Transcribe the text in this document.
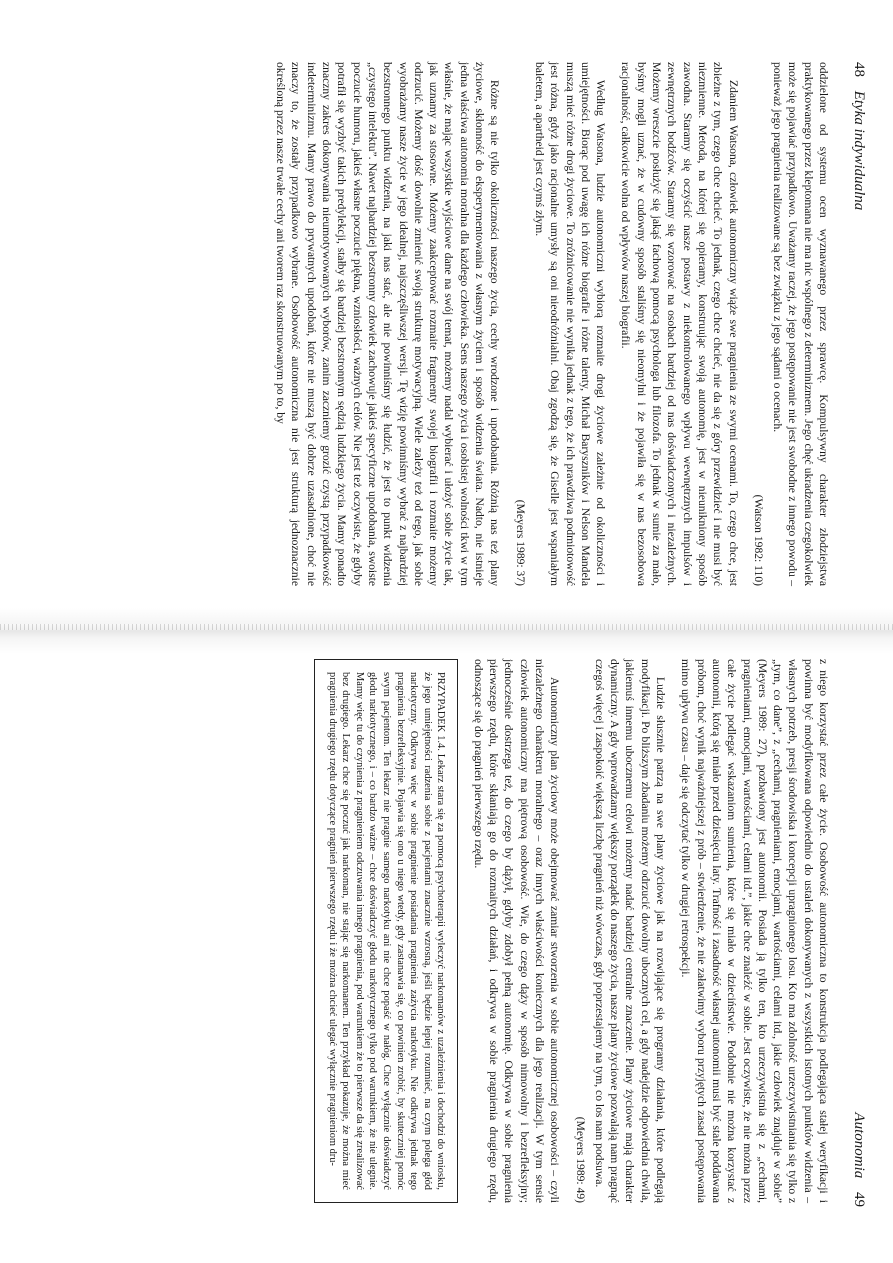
48 Etyka indywidualna

oddzielone od systemu ocen wyznawanego przez sprawcę. Kompulsywny charakter złodziejstwa praktykowanego przez kleptomana nie ma nic wspólnego z determinizmem. Jego chęć ukradzenia czegokolwiek może się pojawiać przypadkowo. Uważamy raczej, że jego postępowanie nie jest swobodne z innego powodu – ponieważ jego pragnienia realizowane są bez związku z jego sądami o ocenach.

(Watson 1982: 110)

Zdaniem Watsona, człowiek autonomiczny wiąże swe pragnienia ze swymi ocenami. To, czego chce, jest zbieżne z tym, czego chce chcieć. To jednak, czego chce chcieć, nie da się z góry przewidzieć i nie musi być niezmienne. Metoda, na której się opieramy, konstruując swoją autonomię, jest w nieunikniony sposób zawodna. Staramy się oczyścić nasze postawy z niekontrolowanego wpływu wewnętrznych impulsów i zewnętrznych bodźców. Staramy się wzorować na osobach bardziej od nas doświadczonych i niezależnych. Możemy wreszcie posłużyć się jakąś fachową pomocą psychologa lub filozofa. To jednak w sumie za mało, byśmy mogli uznać, że w cudowny sposób staliśmy się nieomylni i że pojawiła się w nas bezosobowa racjonalność, całkowicie wolna od wpływów naszej biografii.

Według Watsona, ludzie autonomiczni wybiorą rozmaite drogi życiowe zależnie od okoliczności i umiejętności. Biorąc pod uwagę ich różne biografie i różne talenty, Michał Baryszników i Nelson Mandela muszą mieć różne drogi życiowe. To zróżnicowanie nie wynika jednak z tego, że ich prawdziwa podmiotowość jest różna, gdyż jako racjonalne umysły są oni nieodróżnialni. Obaj zgodzą się, że Giselle jest wspaniałym baletem, a apartheid jest czymś złym.

(Meyers 1989: 37)

Różne są nie tylko okoliczności naszego życia, cechy wrodzone i upodobania. Różnią nas też plany życiowe, skłonność do eksperymentowania z własnym życiem i sposób widzenia świata. Nadto, nie istnieje jedna właściwa autonomia moralna dla każdego człowieka. Sens naszego życia i osobistej wolności tkwi w tym właśnie, że mając wszystkie wyjściowe dane na swój temat, możemy nadal wybierać i ułożyć sobie życie tak, jak uznamy za stosowne. Możemy zaakceptować rozmaite fragmenty swojej biografii i rozmaite możemy odrzucić. Możemy dość dowolnie zmienić swoją strukturę motywacyjną. Wiele zależy też od tego, jak sobie wyobrażamy nasze życie w jego idealnej, najszczęśliwszej wersji. Tę wizję powinniśmy wybrać z najbardziej bezstronnego punktu widzenia, na jaki nas stać, ale nie powinniśmy się łudzić, że jest to punkt widzenia „czystego intelektu”. Nawet najbardziej bezstronny człowiek zachowuje jakieś specyficzne upodobania, swoiste poczucie humoru, jakieś własne poczucie piękna, wzniosłości, ważnych celów. Nie jest też oczywiste, że gdyby potrafił się wyzbyć takich predylekcji, stałby się bardziej bezstronnym sędzią ludzkiego życia. Mamy ponadto znaczny zakres dokonywania nieumotywowanych wyborów, zanim zaczniemy grozić czystą przypadkowość indeterminizmu. Mamy prawo do prywatnych upodobań, które nie muszą być dobrze uzasadnione, choć nie znaczy to, że zostały przypadkowo wybrane. Osobowość autonomiczna nie jest strukturą jednoznacznie określoną przez nasze trwałe cechy ani tworem raz skonstruowanym po to, by

Autonomia 49

z niego korzystać przez całe życie. Osobowość autonomiczna to konstrukcja podlegająca stałej weryfikacji i powinna być modyfikowana odpowiednio do ustaleń dokonywanych z wszystkich istotnych punktów widzenia – własnych potrzeb, presji środowiska i koncepcji upragnionego losu. Kto ma zdolność urzeczywistniania się tylko z „tym, co dane”, z „cechami, pragnieniami, emocjami, wartościami, celami itd., jakie człowiek znajduje w sobie” (Meyers 1989: 27), pozbawiony jest autonomii. Posiada ją tylko ten, kto urzeczywistnia się z „cechami, pragnieniami, emocjami, wartościami, celami itd.”, jakie chce znaleźć w sobie. Jest oczywiste, że nie można przez całe życie podlegać wskazaniom sumienia, które się miało w dzieciństwie. Podobnie nie można korzystać z autonomii, którą się miało przed dziesięciu laty. Trafność i zasadność własnej autonomii musi być stale poddawana próbom, choć wynik najważniejszej z prób – stwierdzenie, że nie załatwimy wyboru przyjętych zasad postępowania mimo upływu czasu – daje się odczytać tylko w drugiej retrospekcji.

Ludzie słusznie patrzą na swe plany życiowe jak na rozwijające się programy działania, które podlegają modyfikacji. Po bliższym zbadaniu możemy odrzucić dowolny ubocznych cel, a gdy nadejdzie odpowiednia chwila, jakiemuś innemu ubocznemu celowi możemy nadać bardziej centralne znaczenie. Plany życiowe mają charakter dynamiczny. A gdy wprowadzamy większy porządek do naszego życia, nasze plany życiowe pozwalają nam pragnąć czegoś więcej i zaspokoić większą liczbę pragnień niż wówczas, gdy poprzestajemy na tym, co los nam podsuwa.

(Meyers 1989: 49)

Autonomiczny plan życiowy może obejmować zamiar stworzenia w sobie autonomicznej osobowości – czyli niezależnego charakteru moralnego – oraz innych właściwości koniecznych dla jego realizacji. W tym sensie człowiek autonomiczny ma piętrową osobowość. Wie, do czego dąży w sposób nimowolny i bezrefleksyjny; jednocześnie dostrzega też, do czego by dążył, gdyby zdobył pełną autonomię. Odkrywa w sobie pragnienia pierwszego rzędu, które skłaniają go do rozmaitych działań, i odkrywa w sobie pragnienia drugiego rzędu, odnoszące się do pragnień pierwszego rzędu.

PRZYPADEK 1.4. Lekarz stara się za pomocą psychoterapii wyleczyć narkomanów z uzależnienia i dochodzi do wniosku, że jego umiejętności radzenia sobie z pacjentami znacznie wzrosną, jeśli będzie lepiej rozumieć, na czym polega głód narkotyczny. Odkrywa więc w sobie pragnienie posiadania pragnienia zażycia narkotyku. Nie odkrywa jednak tego pragnienia bezrefleksyjnie. Pojawia się ono u niego wtedy, gdy zastanawia się, co powinien zrobić, by skuteczniej pomóc swym pacjentom. Ten lekarz nie pragnie samego narkotyku ani nie chce popaść w nałóg. Chce wyłącznie doświadczyć głodu narkotycznego, i – co bardzo ważne – chce doświadczyć głodu narkotycznego tylko pod warunkiem, że nie ulegnie. Mamy więc tu do czynienia z pragnieniem odczuwania innego pragnienia, pod warunkiem że to pierwsze da się zrealizować bez drugiego. Lekarz chce się poczuć jak narkoman, nie stając się narkomanem. Ten przykład pokazuje, że można mieć pragnienia drugiego rzędu dotyczące pragnień pierwszego rzędu i że można chcieć ulegać wyłącznie pragnieniom dru-
